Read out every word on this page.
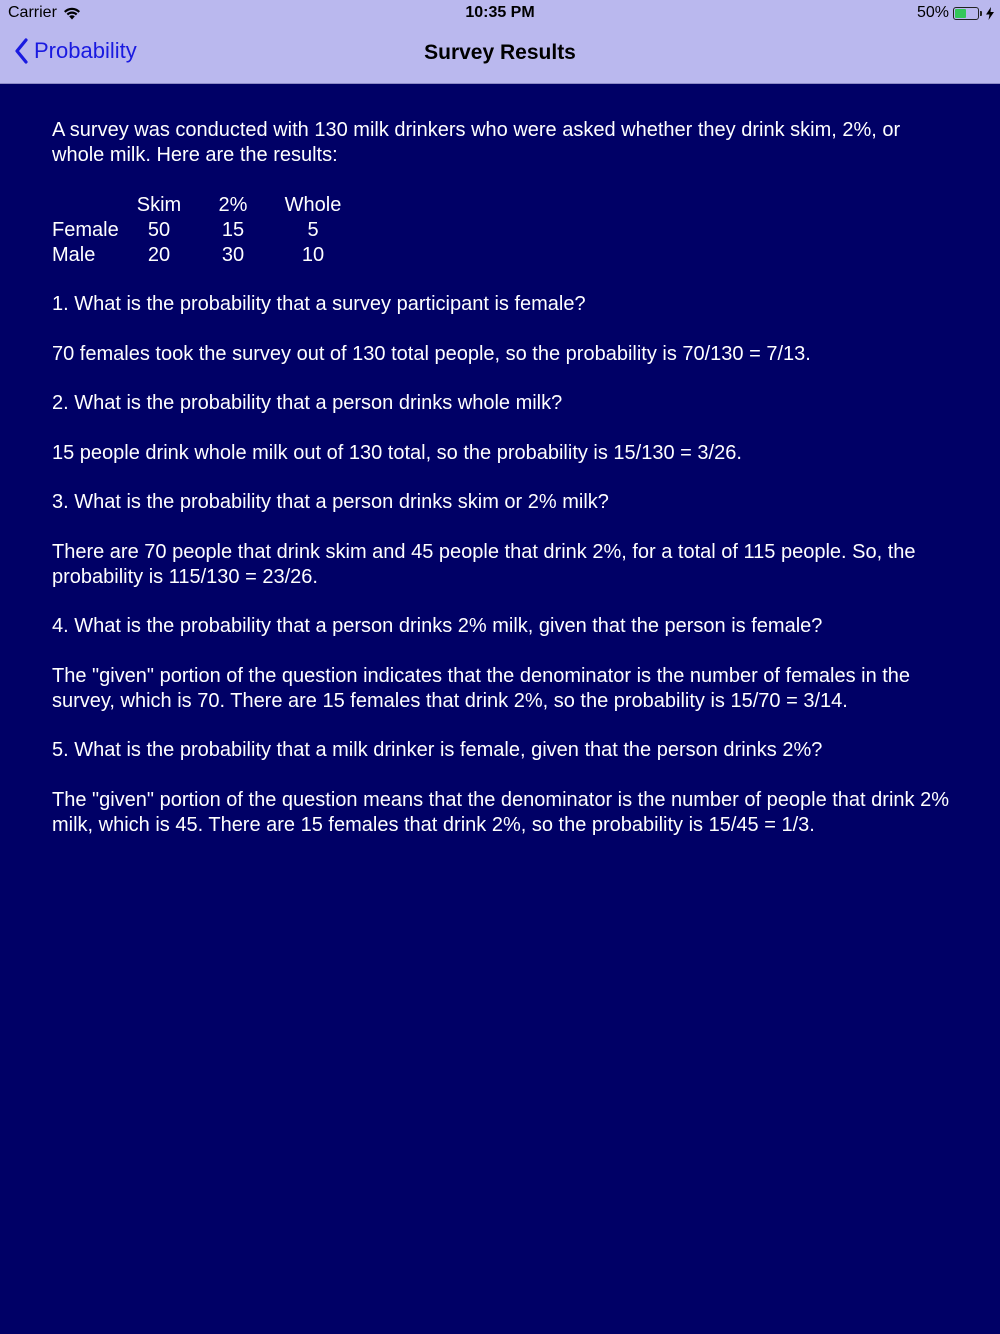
Carrier	10:35 PM	50%
Probability	Survey Results

A survey was conducted with 130 milk drinkers who were asked whether they drink skim, 2%, or whole milk. Here are the results:

	Skim	2%	Whole
Female	50	15	5
Male	20	30	10

1. What is the probability that a survey participant is female?

70 females took the survey out of 130 total people, so the probability is 70/130 = 7/13.

2. What is the probability that a person drinks whole milk?

15 people drink whole milk out of 130 total, so the probability is 15/130 = 3/26.

3. What is the probability that a person drinks skim or 2% milk?

There are 70 people that drink skim and 45 people that drink 2%, for a total of 115 people. So, the probability is 115/130 = 23/26.

4. What is the probability that a person drinks 2% milk, given that the person is female?

The "given" portion of the question indicates that the denominator is the number of females in the survey, which is 70. There are 15 females that drink 2%, so the probability is 15/70 = 3/14.

5. What is the probability that a milk drinker is female, given that the person drinks 2%?

The "given" portion of the question means that the denominator is the number of people that drink 2% milk, which is 45. There are 15 females that drink 2%, so the probability is 15/45 = 1/3.
